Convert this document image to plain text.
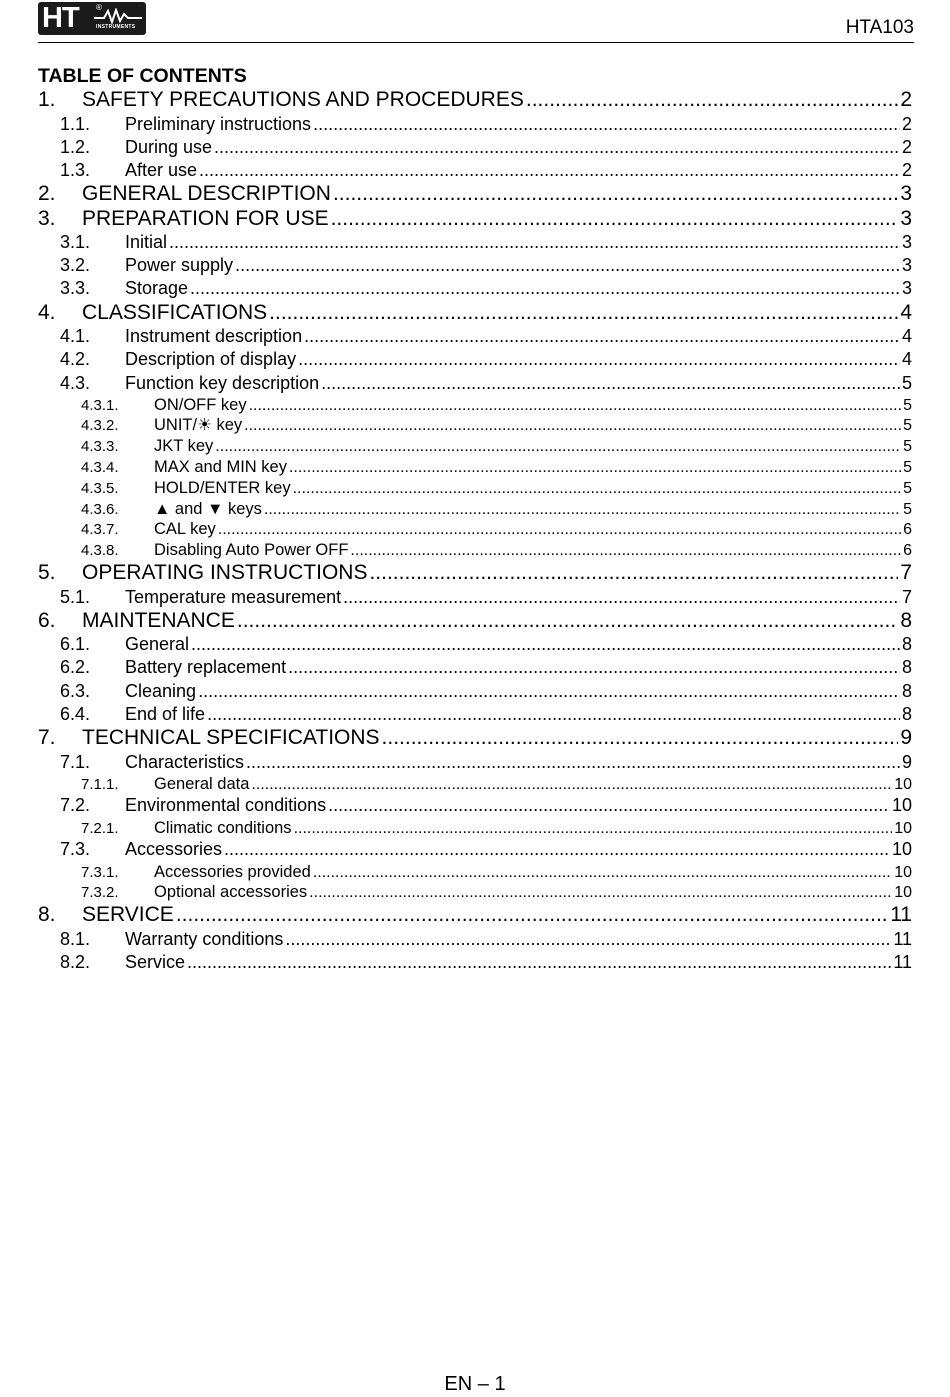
HT ®
INSTRUMENTS	HTA103
TABLE OF CONTENTS
1.	SAFETY PRECAUTIONS AND PROCEDURES .....	2
1.1.	Preliminary instructions .....	2
1.2.	During use .....	2
1.3.	After use .....	2
2.	GENERAL DESCRIPTION .....	3
3.	PREPARATION FOR USE .....	3
3.1.	Initial .....	3
3.2.	Power supply .....	3
3.3.	Storage .....	3
4.	CLASSIFICATIONS .....	4
4.1.	Instrument description .....	4
4.2.	Description of display .....	4
4.3.	Function key description .....	5
4.3.1.	ON/OFF key .....	5
4.3.2.	UNIT/☀ key .....	5
4.3.3.	JKT key .....	5
4.3.4.	MAX and MIN key .....	5
4.3.5.	HOLD/ENTER key .....	5
4.3.6.	▲ and ▼ keys .....	5
4.3.7.	CAL key .....	6
4.3.8.	Disabling Auto Power OFF .....	6
5.	OPERATING INSTRUCTIONS .....	7
5.1.	Temperature measurement .....	7
6.	MAINTENANCE .....	8
6.1.	General .....	8
6.2.	Battery replacement .....	8
6.3.	Cleaning .....	8
6.4.	End of life .....	8
7.	TECHNICAL SPECIFICATIONS .....	9
7.1.	Characteristics .....	9
7.1.1.	General data .....	10
7.2.	Environmental conditions .....	10
7.2.1.	Climatic conditions .....	10
7.3.	Accessories .....	10
7.3.1.	Accessories provided .....	10
7.3.2.	Optional accessories .....	10
8.	SERVICE .....	11
8.1.	Warranty conditions .....	11
8.2.	Service .....	11
EN – 1
